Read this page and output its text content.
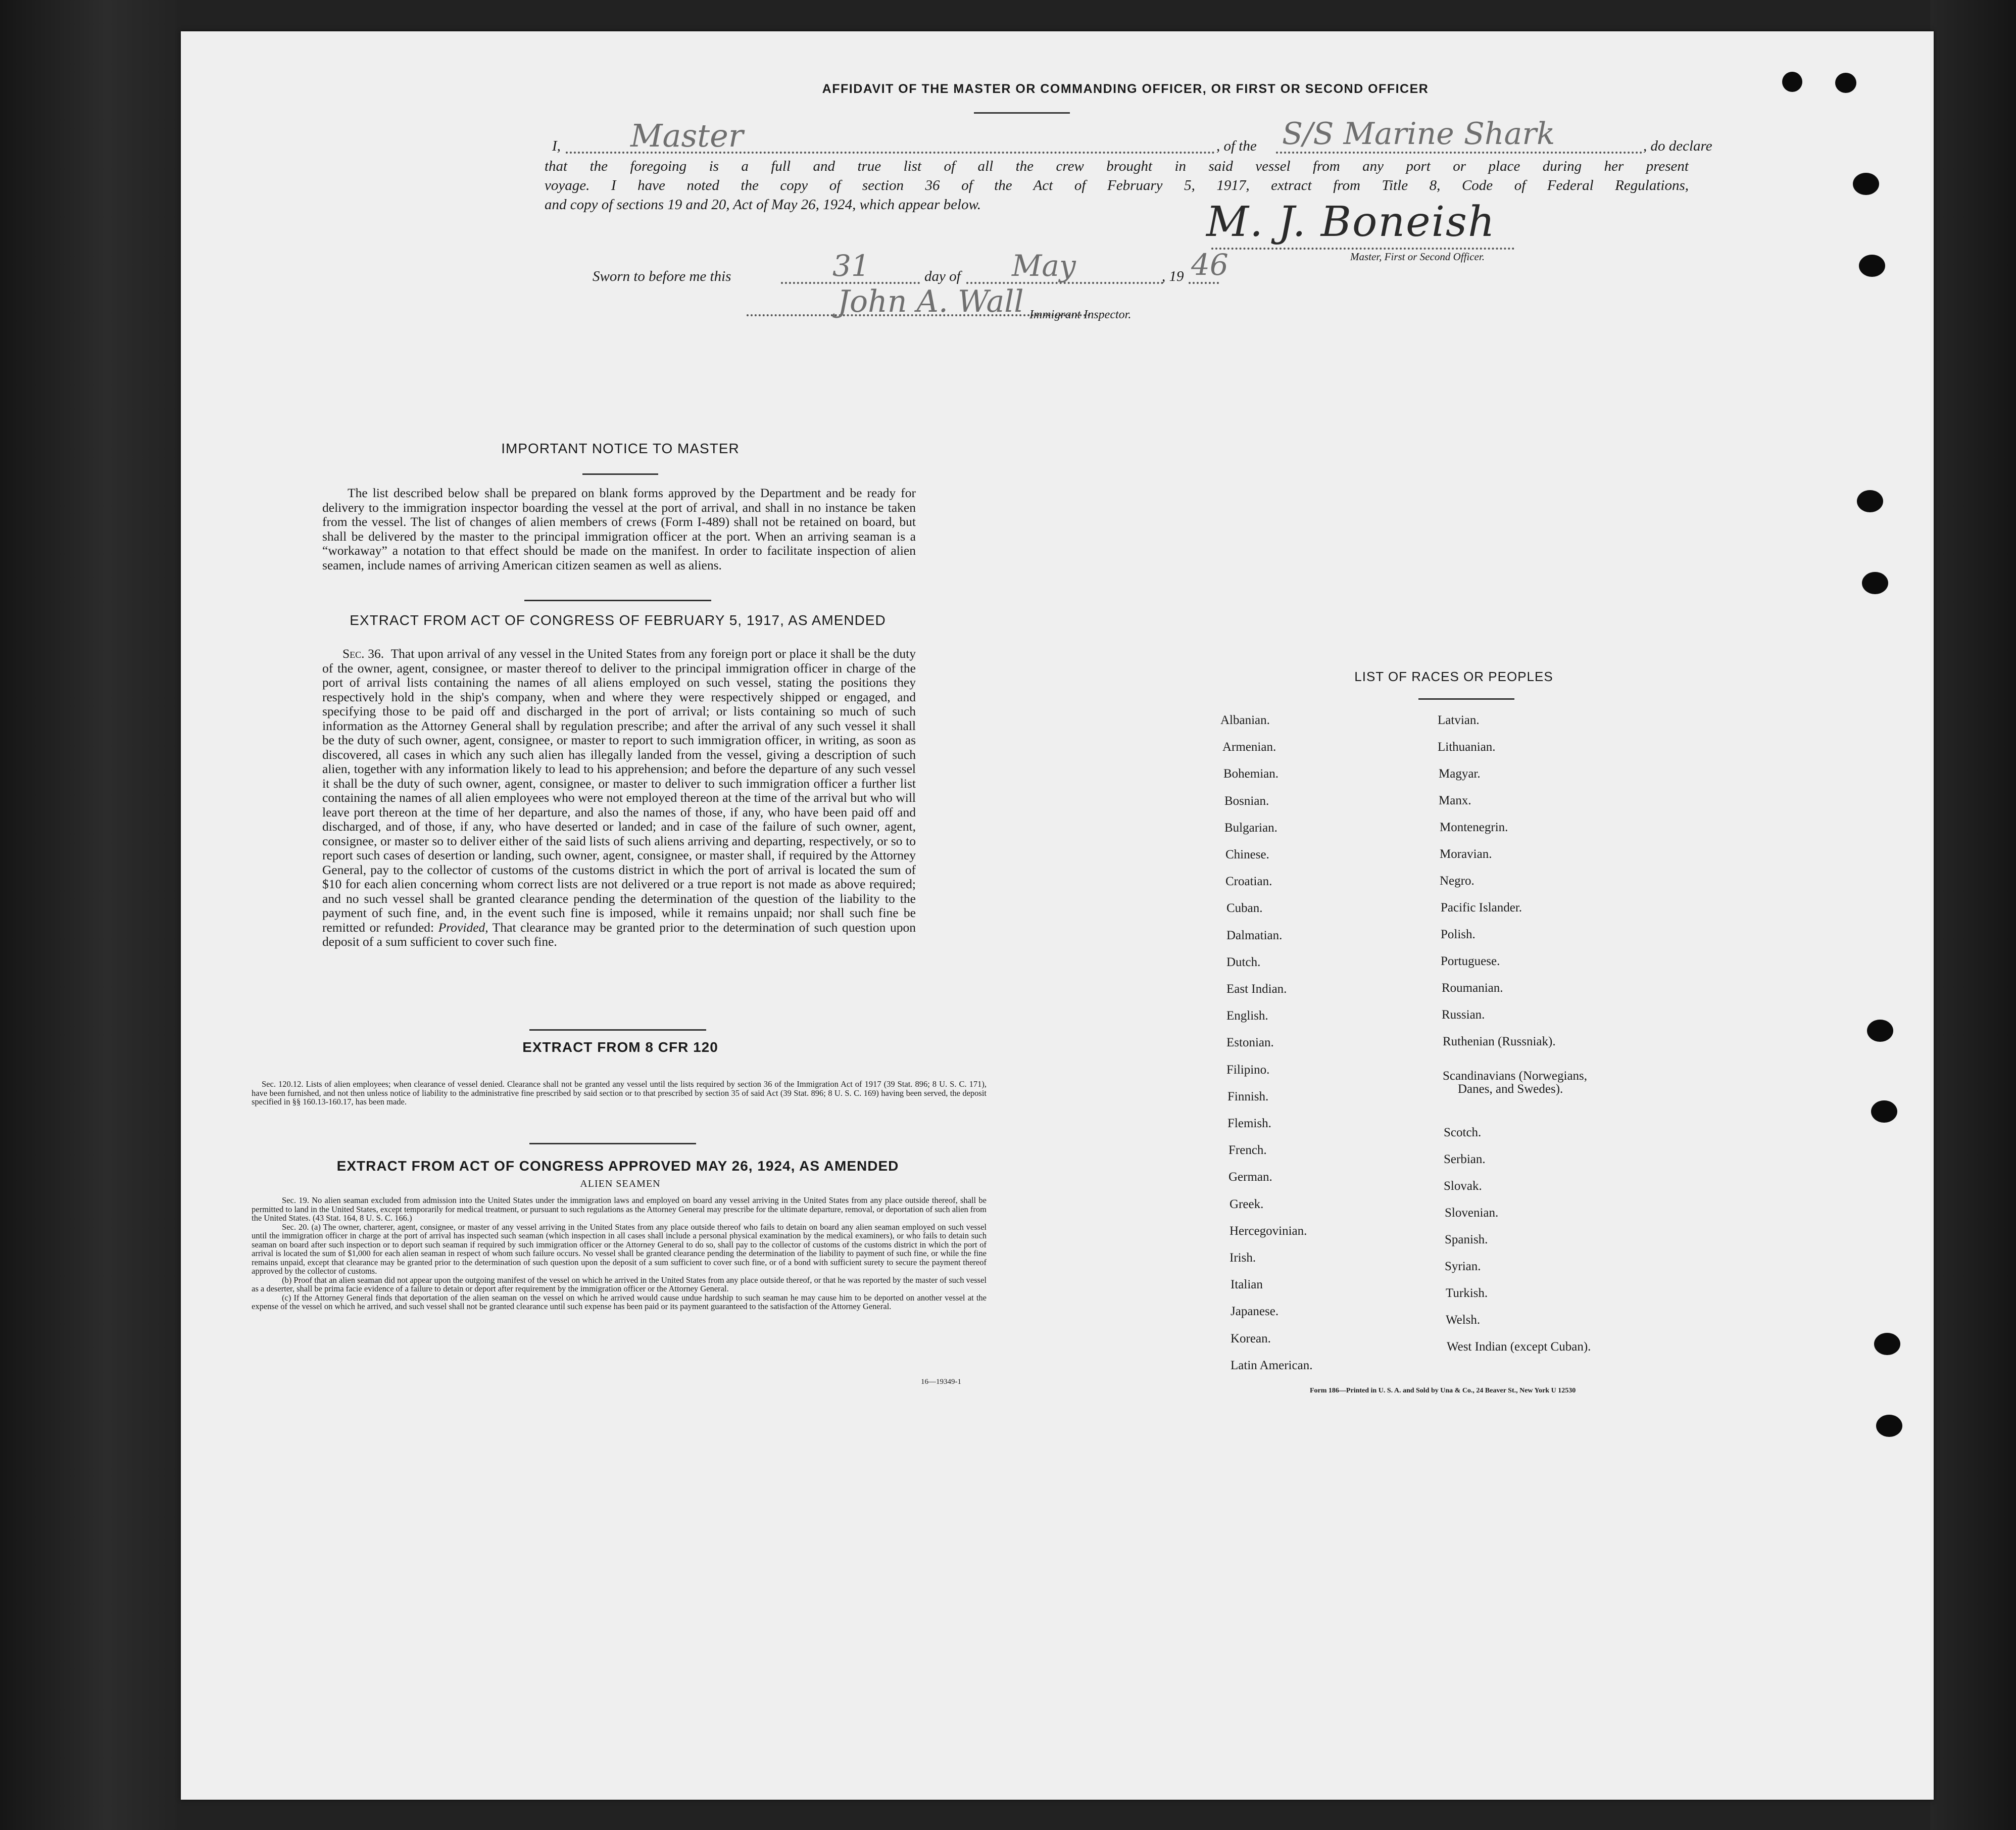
AFFIDAVIT OF THE MASTER OR COMMANDING OFFICER, OR FIRST OR SECOND OFFICER
I, Master	, of the S/S Marine Shark	, do declare
that the foregoing is a full and true list of all the crew brought in said vessel from any port or place during her present
voyage. I have noted the copy of section 36 of the Act of February 5, 1917, extract from Title 8, Code of Federal Regulations,
and copy of sections 19 and 20, Act of May 26, 1924, which appear below.	M. J. Boneish
Master, First or Second Officer.
Sworn to before me this	31	day of May	, 19 46
John A. Wall Immigrant Inspector.
IMPORTANT NOTICE TO MASTER
The list described below shall be prepared on blank forms approved by the Department and be ready for delivery to the immigration inspector boarding the vessel at the port of arrival, and shall in no instance be taken from the vessel. The list of changes of alien members of crews (Form I-489) shall not be retained on board, but shall be delivered by the master to the principal immigration officer at the port. When an arriving seaman is a “workaway” a notation to that effect should be made on the manifest. In order to facilitate inspection of alien seamen, include names of arriving American citizen seamen as well as aliens.
EXTRACT FROM ACT OF CONGRESS OF FEBRUARY 5, 1917, AS AMENDED
Sec. 36. That upon arrival of any vessel in the United States from any foreign port or place it shall be the duty of the owner, agent, consignee, or master thereof to deliver to the principal immigration officer in charge of the port of arrival lists containing the names of all aliens employed on such vessel, stating the positions they respectively hold in the ship's company, when and where they were respectively shipped or engaged, and specifying those to be paid off and discharged in the port of arrival; or lists containing so much of such information as the Attorney General shall by regulation prescribe; and after the arrival of any such vessel it shall be the duty of such owner, agent, consignee, or master to report to such immigration officer, in writing, as soon as discovered, all cases in which any such alien has illegally landed from the vessel, giving a description of such alien, together with any information likely to lead to his apprehension; and before the departure of any such vessel it shall be the duty of such owner, agent, consignee, or master to deliver to such immigration officer a further list containing the names of all alien employees who were not employed thereon at the time of the arrival but who will leave port thereon at the time of her departure, and also the names of those, if any, who have been paid off and discharged, and of those, if any, who have deserted or landed; and in case of the failure of such owner, agent, consignee, or master so to deliver either of the said lists of such aliens arriving and departing, respectively, or so to report such cases of desertion or landing, such owner, agent, consignee, or master shall, if required by the Attorney General, pay to the collector of customs of the customs district in which the port of arrival is located the sum of $10 for each alien concerning whom correct lists are not delivered or a true report is not made as above required; and no such vessel shall be granted clearance pending the determination of the question of the liability to the payment of such fine, and, in the event such fine is imposed, while it remains unpaid; nor shall such fine be remitted or refunded: Provided, That clearance may be granted prior to the determination of such question upon deposit of a sum sufficient to cover such fine.
EXTRACT FROM 8 CFR 120
Sec. 120.12. Lists of alien employees; when clearance of vessel denied. Clearance shall not be granted any vessel until the lists required by section 36 of the Immigration Act of 1917 (39 Stat. 896; 8 U. S. C. 171), have been furnished, and not then unless notice of liability to the administrative fine prescribed by said section or to that prescribed by section 35 of said Act (39 Stat. 896; 8 U. S. C. 169) having been served, the deposit specified in §§ 160.13-160.17, has been made.
EXTRACT FROM ACT OF CONGRESS APPROVED MAY 26, 1924, AS AMENDED
ALIEN SEAMEN
Sec. 19. No alien seaman excluded from admission into the United States under the immigration laws and employed on board any vessel arriving in the United States from any place outside thereof, shall be permitted to land in the United States, except temporarily for medical treatment, or pursuant to such regulations as the Attorney General may prescribe for the ultimate departure, removal, or deportation of such alien from the United States. (43 Stat. 164, 8 U. S. C. 166.)
Sec. 20. (a) The owner, charterer, agent, consignee, or master of any vessel arriving in the United States from any place outside thereof who fails to detain on board any alien seaman employed on such vessel until the immigration officer in charge at the port of arrival has inspected such seaman (which inspection in all cases shall include a personal physical examination by the medical examiners), or who fails to detain such seaman on board after such inspection or to deport such seaman if required by such immigration officer or the Attorney General to do so, shall pay to the collector of customs of the customs district in which the port of arrival is located the sum of $1,000 for each alien seaman in respect of whom such failure occurs. No vessel shall be granted clearance pending the determination of the liability to payment of such fine, or while the fine remains unpaid, except that clearance may be granted prior to the determination of such question upon the deposit of a sum sufficient to cover such fine, or of a bond with sufficient surety to secure the payment thereof approved by the collector of customs.
(b) Proof that an alien seaman did not appear upon the outgoing manifest of the vessel on which he arrived in the United States from any place outside thereof, or that he was reported by the master of such vessel as a deserter, shall be prima facie evidence of a failure to detain or deport after requirement by the immigration officer or the Attorney General.
(c) If the Attorney General finds that deportation of the alien seaman on the vessel on which he arrived would cause undue hardship to such seaman he may cause him to be deported on another vessel at the expense of the vessel on which he arrived, and such vessel shall not be granted clearance until such expense has been paid or its payment guaranteed to the satisfaction of the Attorney General.
16—19349-1
LIST OF RACES OR PEOPLES
Form 186—Printed in U. S. A. and Sold by Una & Co., 24 Beaver St., New York U 12530
Albanian.
Armenian.
Bohemian.
Bosnian.
Bulgarian.
Chinese.
Croatian.
Cuban.
Dalmatian.
Dutch.
East Indian.
English.
Estonian.
Filipino.
Finnish.
Flemish.
French.
German.
Greek.
Hercegovinian.
Irish.
Italian
Japanese.
Korean.
Latin American.
Latvian.
Lithuanian.
Magyar.
Manx.
Montenegrin.
Moravian.
Negro.
Pacific Islander.
Polish.
Portuguese.
Roumanian.
Russian.
Ruthenian (Russniak).
Scandinavians (Norwegians,
Danes, and Swedes).
Scotch.
Serbian.
Slovak.
Slovenian.
Spanish.
Syrian.
Turkish.
Welsh.
West Indian (except Cuban).
